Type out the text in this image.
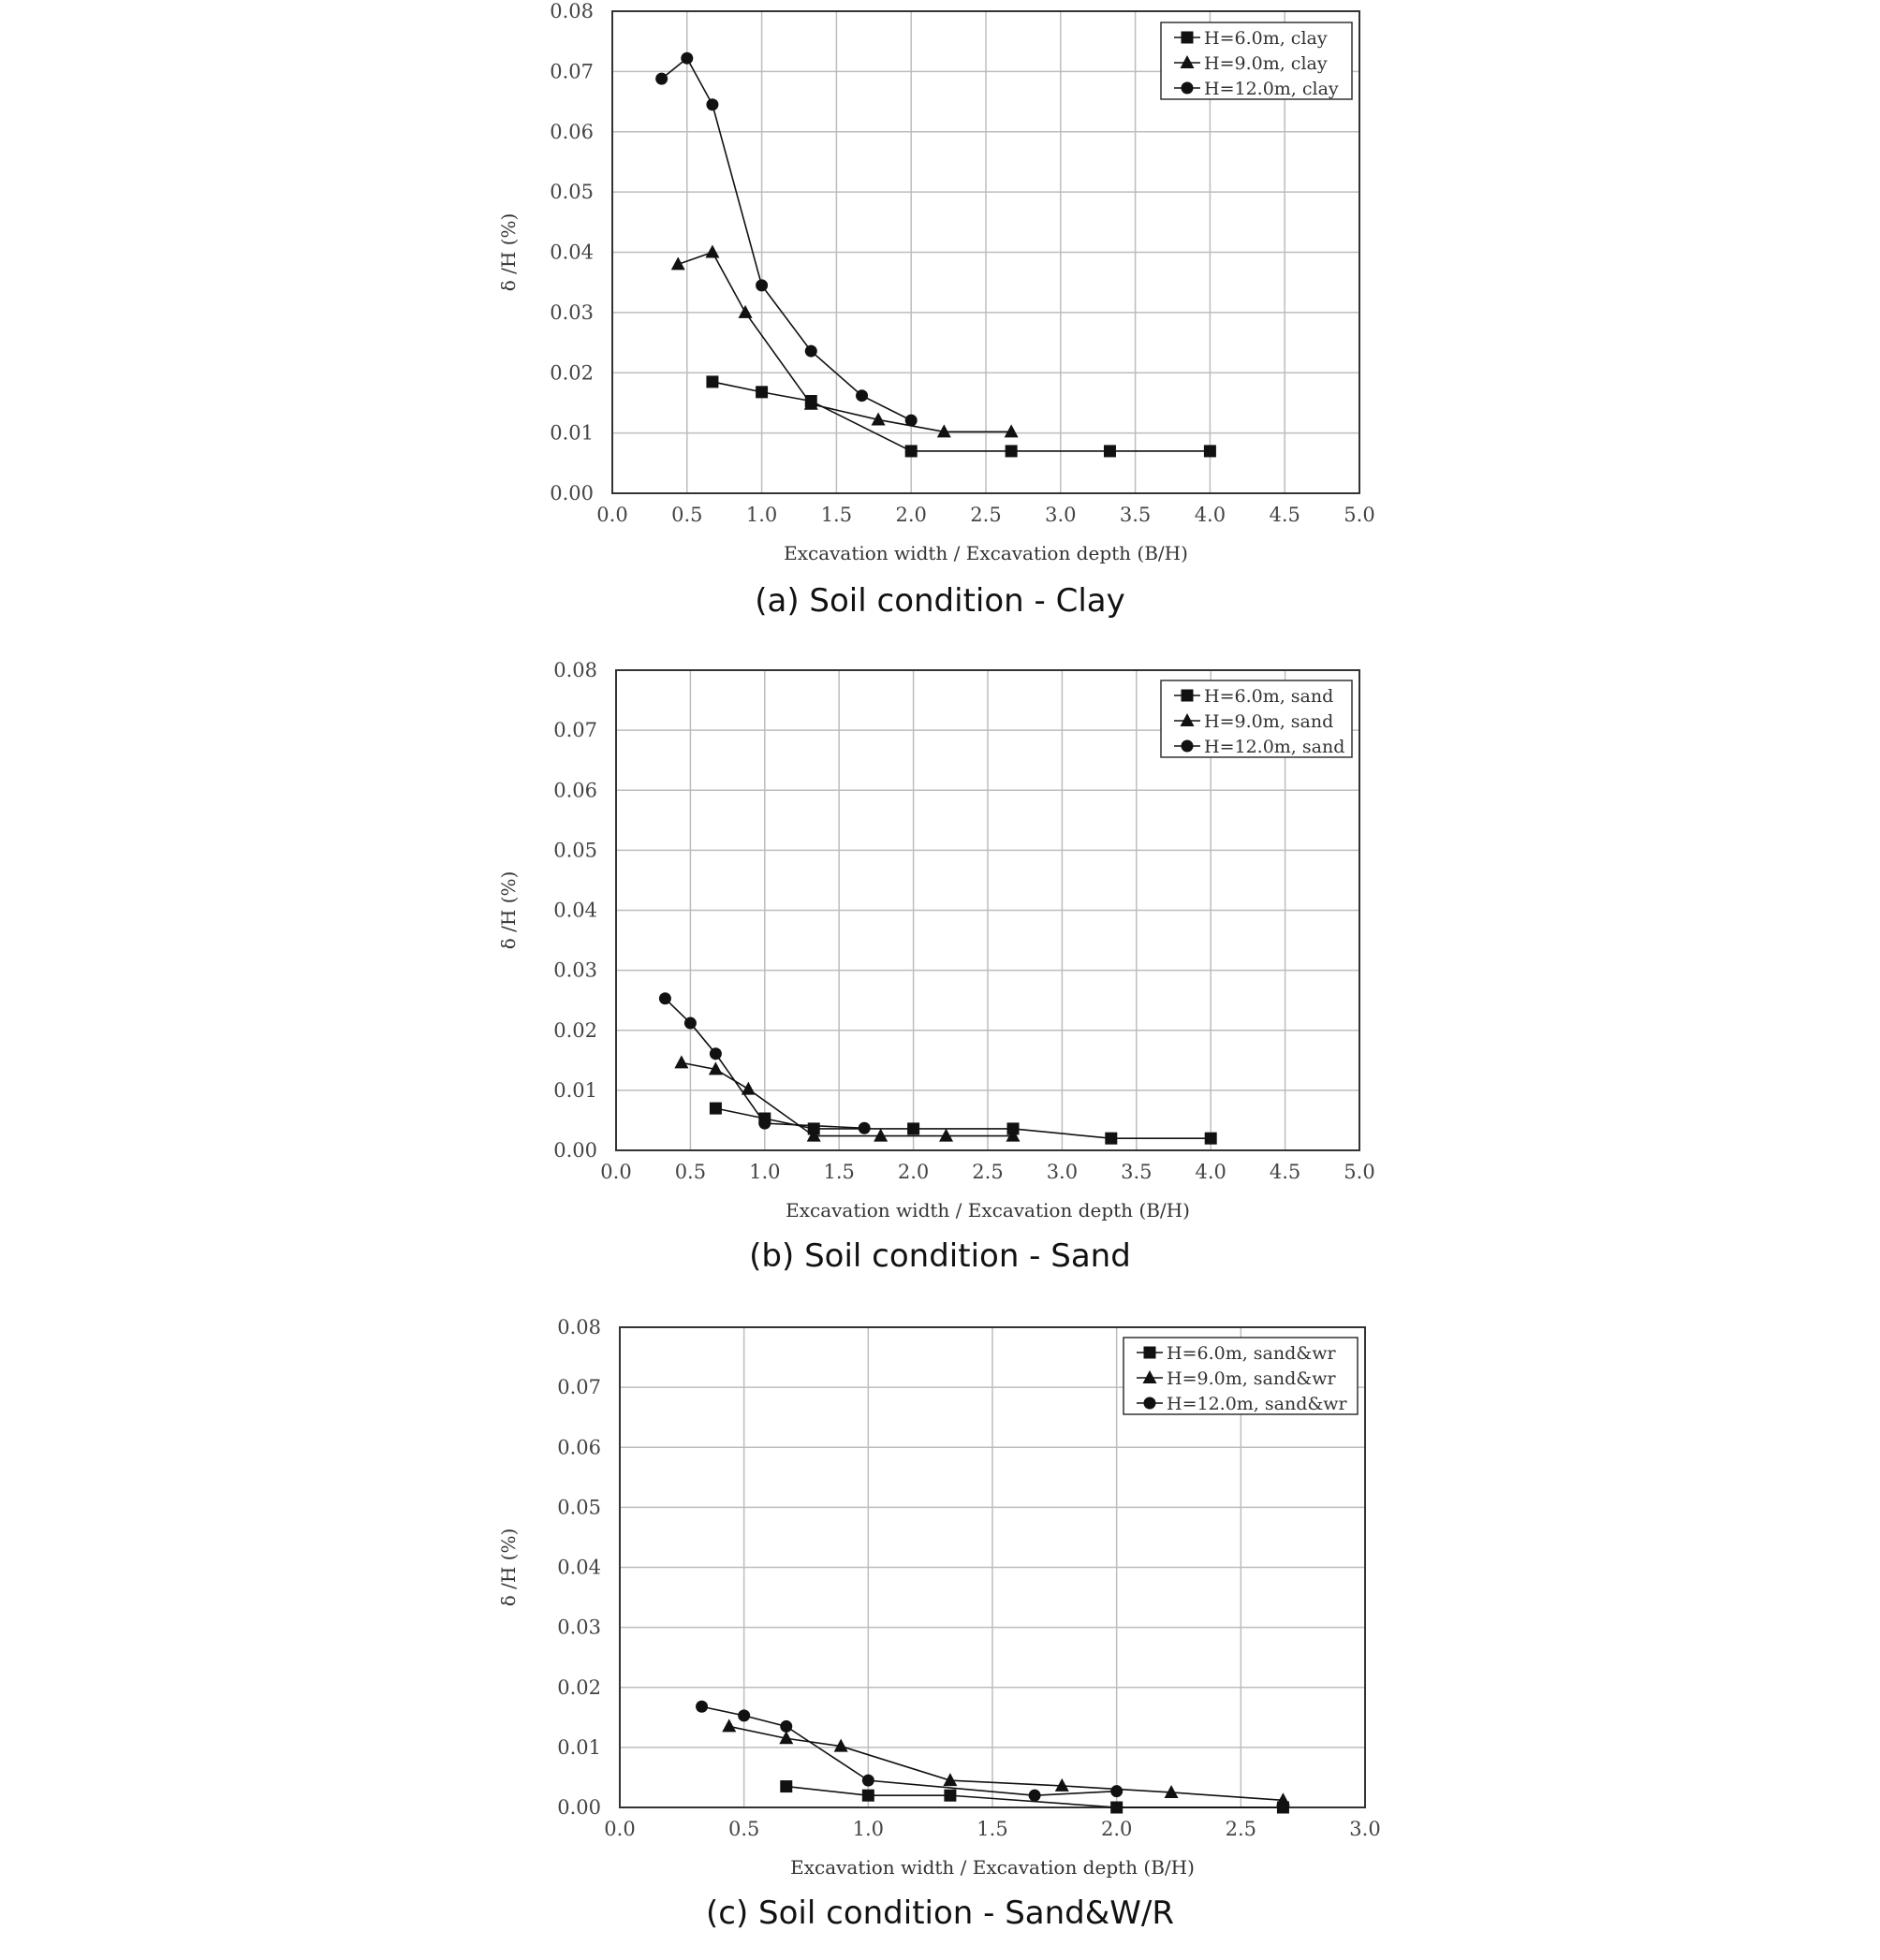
0.0 0.5 1.0 1.5 2.0 2.5 3.0 3.5 4.0 4.5 5.0
0.00
0.01
0.02
0.03
0.04
0.05
0.06
0.07
0.08
Excavation width / Excavation depth (B/H)
δ /H (%)
H=6.0m, clay
H=9.0m, clay
H=12.0m, clay
(a) Soil condition - Clay
0.0 0.5 1.0 1.5 2.0 2.5 3.0 3.5 4.0 4.5 5.0
0.00
0.01
0.02
0.03
0.04
0.05
0.06
0.07
0.08
Excavation width / Excavation depth (B/H)
δ /H (%)
H=6.0m, sand
H=9.0m, sand
H=12.0m, sand
(b) Soil condition - Sand
0.0	0.5	1.0	1.5	2.0	2.5	3.0
0.00
0.01
0.02
0.03
0.04
0.05
0.06
0.07
0.08
Excavation width / Excavation depth (B/H)
δ /H (%)
H=6.0m, sand&wr
H=9.0m, sand&wr
H=12.0m, sand&wr
(c) Soil condition - Sand&W/R
